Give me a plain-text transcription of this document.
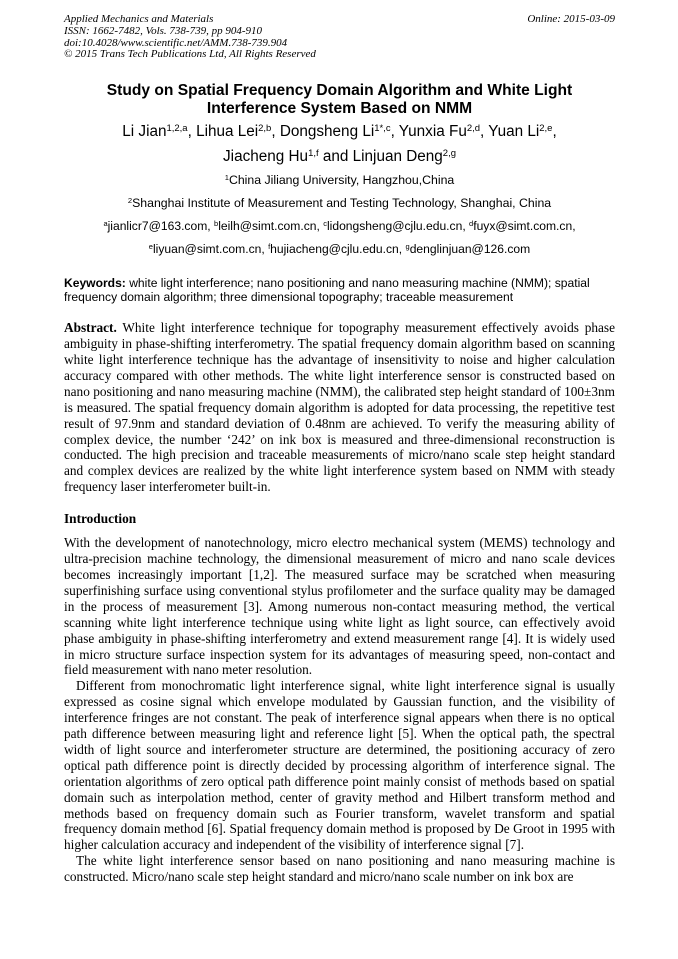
Applied Mechanics and Materials
ISSN: 1662-7482, Vols. 738-739, pp 904-910
doi:10.4028/www.scientific.net/AMM.738-739.904
© 2015 Trans Tech Publications Ltd, All Rights Reserved
Online: 2015-03-09
Study on Spatial Frequency Domain Algorithm and White Light Interference System Based on NMM
Li Jian$^{1,2,a}$, Lihua Lei$^{2,b}$, Dongsheng $Li^{1*,c}$, Yunxia Fu$^{2,d}$, Yuan Li$^{2,e}$,
Jiacheng Hu$^{1,f}$ and Linjuan Deng$^{2,g}$
$^1$China Jiliang University, Hangzhou,China
$^2$Shanghai Institute of Measurement and Testing Technology, Shanghai, China
$^a$jianlicr7@163.com, $^b$leilh@simt.com.cn, $^c$lidongsheng@cjlu.edu.cn, $^d$fuyx@simt.com.cn,
$^e$liyuan@simt.com.cn, $^f$hujiacheng@cjlu.edu.cn, $^g$denglinjuan@126.com
Keywords: white light interference; nano positioning and nano measuring machine (NMM); spatial frequency domain algorithm; three dimensional topography; traceable measurement
Abstract. White light interference technique for topography measurement effectively avoids phase ambiguity in phase-shifting interferometry. The spatial frequency domain algorithm based on scanning white light interference technique has the advantage of insensitivity to noise and higher calculation accuracy compared with other methods. The white light interference sensor is constructed based on nano positioning and nano measuring machine (NMM), the calibrated step height standard of 100±3nm is measured. The spatial frequency domain algorithm is adopted for data processing, the repetitive test result of 97.9nm and standard deviation of 0.48nm are achieved. To verify the measuring ability of complex device, the number ‘242’ on ink box is measured and three-dimensional reconstruction is conducted. The high precision and traceable measurements of micro/nano scale step height standard and complex devices are realized by the white light interference system based on NMM with steady frequency laser interferometer built-in.
Introduction
With the development of nanotechnology, micro electro mechanical system (MEMS) technology and ultra-precision machine technology, the dimensional measurement of micro and nano scale devices becomes increasingly important [1,2]. The measured surface may be scratched when measuring superfinishing surface using conventional stylus profilometer and the surface quality may be damaged in the process of measurement [3]. Among numerous non-contact measuring method, the vertical scanning white light interference technique using white light as light source, can effectively avoid phase ambiguity in phase-shifting interferometry and extend measurement range [4]. It is widely used in micro structure surface inspection system for its advantages of measuring speed, non-contact and field measurement with nano meter resolution.
Different from monochromatic light interference signal, white light interference signal is usually expressed as cosine signal which envelope modulated by Gaussian function, and the visibility of interference fringes are not constant. The peak of interference signal appears when there is no optical path difference between measuring light and reference light [5]. When the optical path, the spectral width of light source and interferometer structure are determined, the positioning accuracy of zero optical path difference point is directly decided by processing algorithm of interference signal. The orientation algorithms of zero optical path difference point mainly consist of methods based on spatial domain such as interpolation method, center of gravity method and Hilbert transform method and methods based on frequency domain such as Fourier transform, wavelet transform and spatial frequency domain method [6]. Spatial frequency domain method is proposed by De Groot in 1995 with higher calculation accuracy and independent of the visibility of interference signal [7].
The white light interference sensor based on nano positioning and nano measuring machine is constructed. Micro/nano scale step height standard and micro/nano scale number on ink box are
